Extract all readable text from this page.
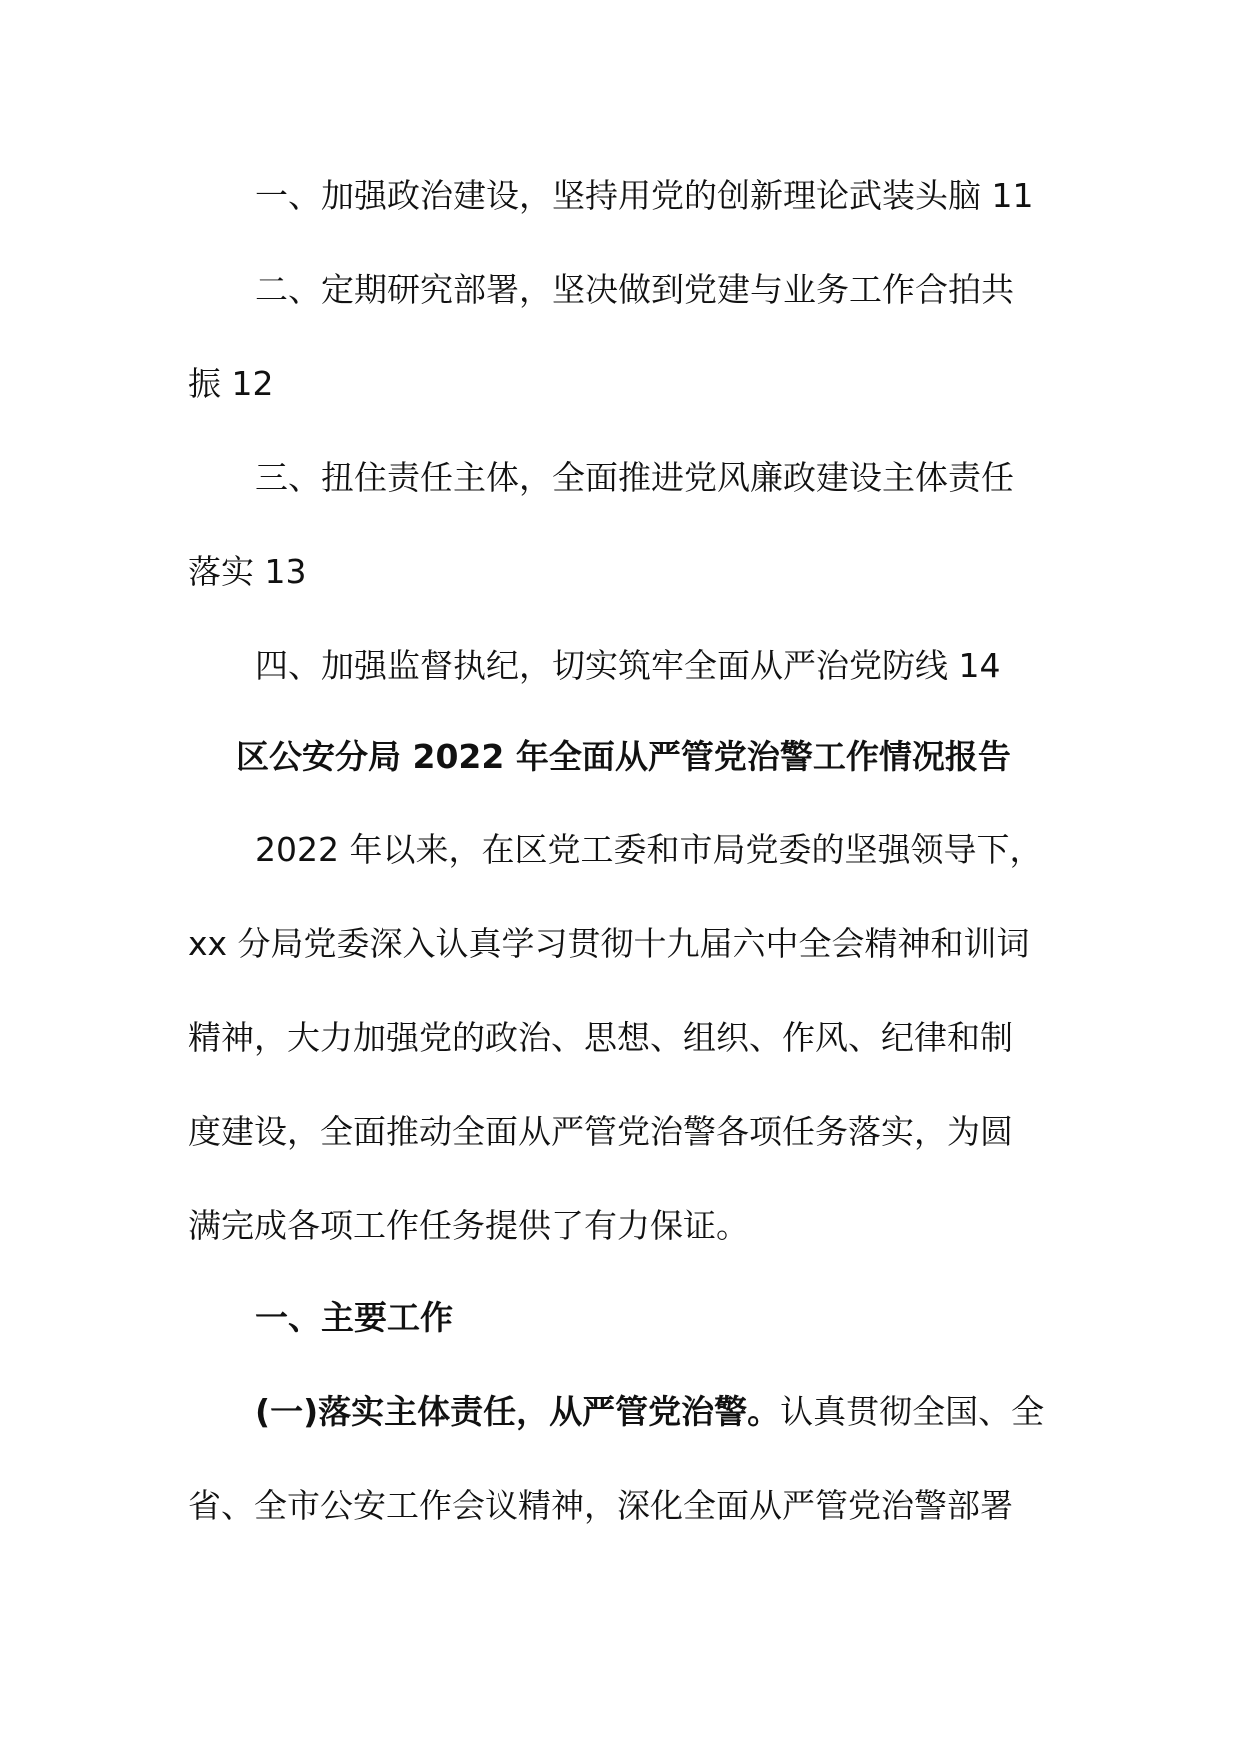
一、加强政治建设，坚持用党的创新理论武装头脑 11

二、定期研究部署，坚决做到党建与业务工作合拍共

振 12

三、扭住责任主体，全面推进党风廉政建设主体责任

落实 13

四、加强监督执纪，切实筑牢全面从严治党防线 14

区公安分局 2022 年全面从严管党治警工作情况报告

2022 年以来，在区党工委和市局党委的坚强领导下，

xx 分局党委深入认真学习贯彻十九届六中全会精神和训词

精神，大力加强党的政治、思想、组织、作风、纪律和制

度建设，全面推动全面从严管党治警各项任务落实，为圆

满完成各项工作任务提供了有力保证。

一、主要工作

(一)落实主体责任，从严管党治警。认真贯彻全国、全

省、全市公安工作会议精神，深化全面从严管党治警部署
